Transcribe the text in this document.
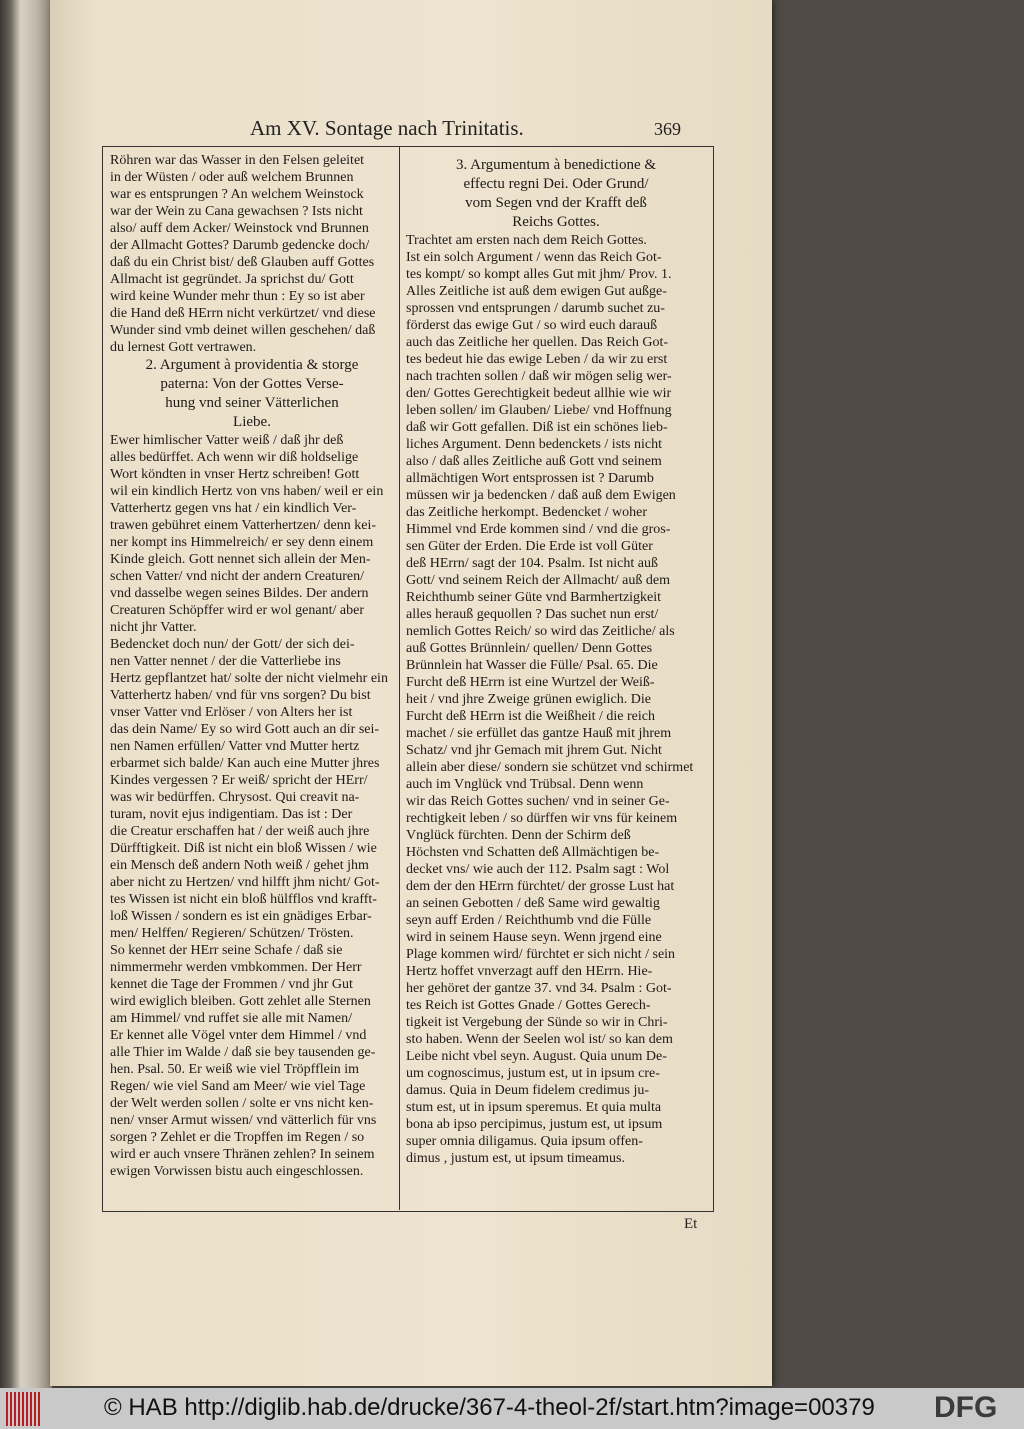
Am XV. Sontage nach Trinitatis.	369
Röhren war das Wasser in den Felsen geleitet
in der Wüsten / oder auß welchem Brunnen
war es entsprungen ? An welchem Weinstock
war der Wein zu Cana gewachsen ? Ists nicht
also/ auff dem Acker/ Weinstock vnd Brunnen
der Allmacht Gottes? Darumb gedencke doch/
daß du ein Christ bist/ deß Glauben auff Gottes
Allmacht ist gegründet. Ja sprichst du/ Gott
wird keine Wunder mehr thun : Ey so ist aber
die Hand deß HErrn nicht verkürtzet/ vnd diese
Wunder sind vmb deinet willen geschehen/ daß
du lernest Gott vertrawen.
2. Argument à providentia & storge
paterna: Von der Gottes Verse-
hung vnd seiner Vätterlichen
Liebe.
Ewer himlischer Vatter weiß / daß jhr deß
alles bedürffet. Ach wenn wir diß holdselige
Wort köndten in vnser Hertz schreiben! Gott
wil ein kindlich Hertz von vns haben/ weil er ein
Vatterhertz gegen vns hat / ein kindlich Ver-
trawen gebühret einem Vatterhertzen/ denn kei-
ner kompt ins Himmelreich/ er sey denn einem
Kinde gleich. Gott nennet sich allein der Men-
schen Vatter/ vnd nicht der andern Creaturen/
vnd dasselbe wegen seines Bildes. Der andern
Creaturen Schöpffer wird er wol genant/ aber
nicht jhr Vatter.
Bedencket doch nun/ der Gott/ der sich dei-
nen Vatter nennet / der die Vatterliebe ins
Hertz gepflantzet hat/ solte der nicht vielmehr ein
Vatterhertz haben/ vnd für vns sorgen? Du bist
vnser Vatter vnd Erlöser / von Alters her ist
das dein Name/ Ey so wird Gott auch an dir sei-
nen Namen erfüllen/ Vatter vnd Mutter hertz
erbarmet sich balde/ Kan auch eine Mutter jhres
Kindes vergessen ? Er weiß/ spricht der HErr/
was wir bedürffen. Chrysost. Qui creavit na-
turam, novit ejus indigentiam. Das ist : Der
die Creatur erschaffen hat / der weiß auch jhre
Dürfftigkeit. Diß ist nicht ein bloß Wissen / wie
ein Mensch deß andern Noth weiß / gehet jhm
aber nicht zu Hertzen/ vnd hilfft jhm nicht/ Got-
tes Wissen ist nicht ein bloß hülfflos vnd krafft-
loß Wissen / sondern es ist ein gnädiges Erbar-
men/ Helffen/ Regieren/ Schützen/ Trösten.
So kennet der HErr seine Schafe / daß sie
nimmermehr werden vmbkommen. Der Herr
kennet die Tage der Frommen / vnd jhr Gut
wird ewiglich bleiben. Gott zehlet alle Sternen
am Himmel/ vnd ruffet sie alle mit Namen/
Er kennet alle Vögel vnter dem Himmel / vnd
alle Thier im Walde / daß sie bey tausenden ge-
hen. Psal. 50. Er weiß wie viel Tröpfflein im
Regen/ wie viel Sand am Meer/ wie viel Tage
der Welt werden sollen / solte er vns nicht ken-
nen/ vnser Armut wissen/ vnd vätterlich für vns
sorgen ? Zehlet er die Tropffen im Regen / so
wird er auch vnsere Thränen zehlen? In seinem
ewigen Vorwissen bistu auch eingeschlossen.
3. Argumentum à benedictione &
effectu regni Dei. Oder Grund/
vom Segen vnd der Krafft deß
Reichs Gottes.
Trachtet am ersten nach dem Reich Gottes.
Ist ein solch Argument / wenn das Reich Got-
tes kompt/ so kompt alles Gut mit jhm/ Prov. 1.
Alles Zeitliche ist auß dem ewigen Gut außge-
sprossen vnd entsprungen / darumb suchet zu-
förderst das ewige Gut / so wird euch darauß
auch das Zeitliche her quellen. Das Reich Got-
tes bedeut hie das ewige Leben / da wir zu erst
nach trachten sollen / daß wir mögen selig wer-
den/ Gottes Gerechtigkeit bedeut allhie wie wir
leben sollen/ im Glauben/ Liebe/ vnd Hoffnung
daß wir Gott gefallen. Diß ist ein schönes lieb-
liches Argument. Denn bedenckets / ists nicht
also / daß alles Zeitliche auß Gott vnd seinem
allmächtigen Wort entsprossen ist ? Darumb
müssen wir ja bedencken / daß auß dem Ewigen
das Zeitliche herkompt. Bedencket / woher
Himmel vnd Erde kommen sind / vnd die gros-
sen Güter der Erden. Die Erde ist voll Güter
deß HErrn/ sagt der 104. Psalm. Ist nicht auß
Gott/ vnd seinem Reich der Allmacht/ auß dem
Reichthumb seiner Güte vnd Barmhertzigkeit
alles herauß gequollen ? Das suchet nun erst/
nemlich Gottes Reich/ so wird das Zeitliche/ als
auß Gottes Brünnlein/ quellen/ Denn Gottes
Brünnlein hat Wasser die Fülle/ Psal. 65. Die
Furcht deß HErrn ist eine Wurtzel der Weiß-
heit / vnd jhre Zweige grünen ewiglich. Die
Furcht deß HErrn ist die Weißheit / die reich
machet / sie erfüllet das gantze Hauß mit jhrem
Schatz/ vnd jhr Gemach mit jhrem Gut. Nicht
allein aber diese/ sondern sie schützet vnd schirmet
auch im Vnglück vnd Trübsal. Denn wenn
wir das Reich Gottes suchen/ vnd in seiner Ge-
rechtigkeit leben / so dürffen wir vns für keinem
Vnglück fürchten. Denn der Schirm deß
Höchsten vnd Schatten deß Allmächtigen be-
decket vns/ wie auch der 112. Psalm sagt : Wol
dem der den HErrn fürchtet/ der grosse Lust hat
an seinen Gebotten / deß Same wird gewaltig
seyn auff Erden / Reichthumb vnd die Fülle
wird in seinem Hause seyn. Wenn jrgend eine
Plage kommen wird/ fürchtet er sich nicht / sein
Hertz hoffet vnverzagt auff den HErrn. Hie-
her gehöret der gantze 37. vnd 34. Psalm : Got-
tes Reich ist Gottes Gnade / Gottes Gerech-
tigkeit ist Vergebung der Sünde so wir in Chri-
sto haben. Wenn der Seelen wol ist/ so kan dem
Leibe nicht vbel seyn. August. Quia unum De-
um cognoscimus, justum est, ut in ipsum cre-
damus. Quia in Deum fidelem credimus ju-
stum est, ut in ipsum speremus. Et quia multa
bona ab ipso percipimus, justum est, ut ipsum
super omnia diligamus. Quia ipsum offen-
dimus , justum est, ut ipsum timeamus.
Et
© HAB http://diglib.hab.de/drucke/367-4-theol-2f/start.htm?image=00379 DFG
